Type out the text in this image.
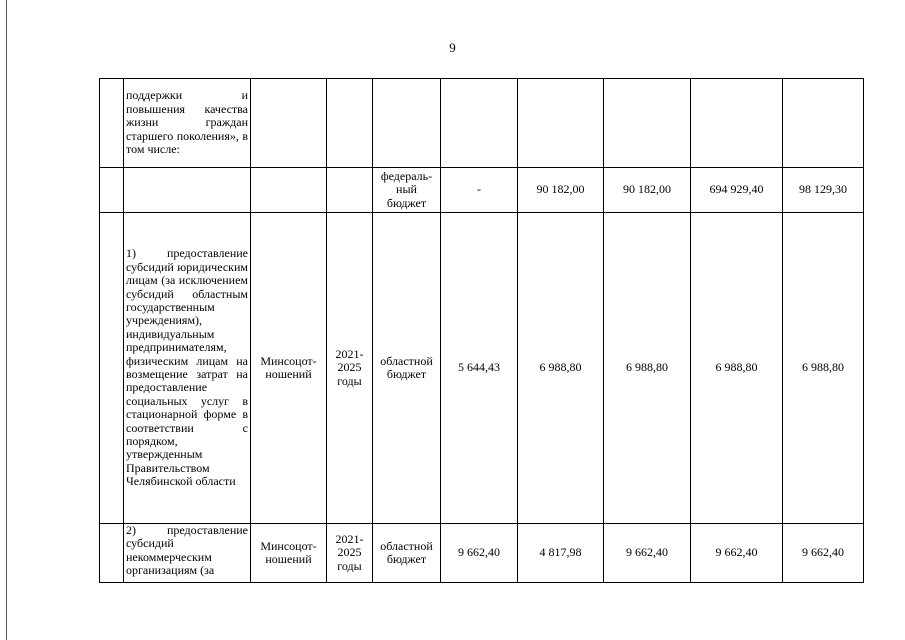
9
	поддержки и повышения качества жизни граждан старшего поколения», в том числе:								
				федераль-ный бюджет	-	90 182,00	90 182,00	694 929,40	98 129,30
	1) предоставление субсидий юридическим лицам (за исключением субсидий областным государственным учреждениям), индивидуальным предпринимателям, физическим лицам на возмещение затрат на предоставление социальных услуг в стационарной форме в соответствии с порядком, утвержденным Правительством Челябинской области	Минсоцот-ношений	2021-2025 годы	областной бюджет	5 644,43	6 988,80	6 988,80	6 988,80	6 988,80

	2) предоставление субсидий некоммерческим организациям (за	Минсоцот-ношений	2021-2025 годы	областной бюджет	9 662,40	4 817,98	9 662,40	9 662,40	9 662,40
